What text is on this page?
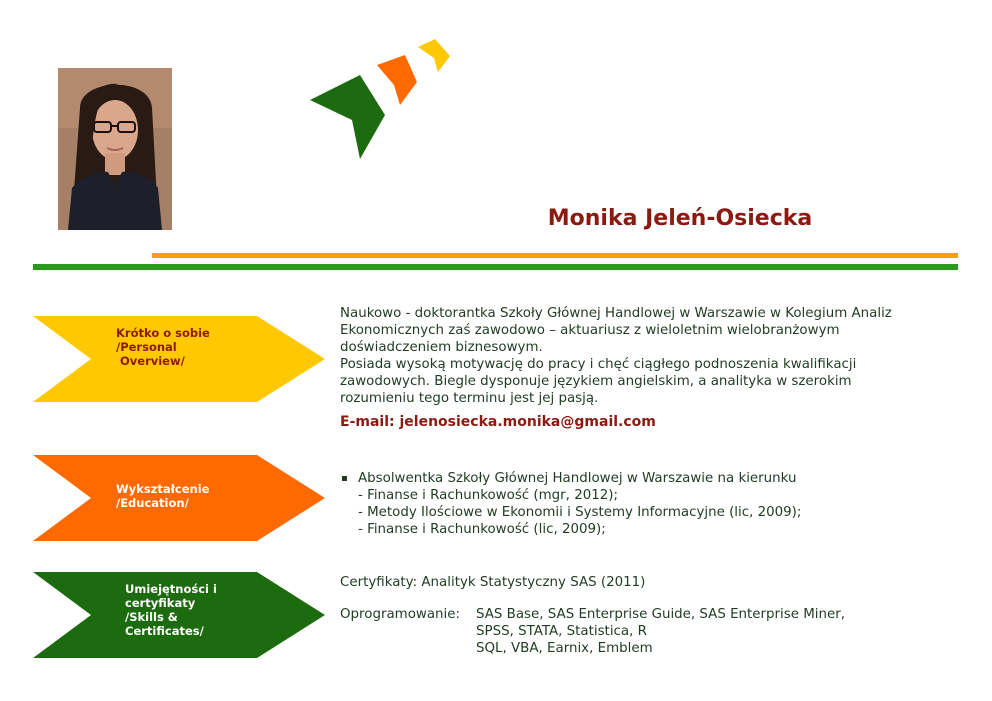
Monika Jeleń-Osiecka
Krótko o sobie
/Personal
Overview/
Wykształcenie
/Education/
Umiejętności i
certyfikaty
/Skills &
Certificates/
Naukowo - doktorantka Szkoły Głównej Handlowej w Warszawie w Kolegium Analiz
Ekonomicznych zaś zawodowo – aktuariusz z wieloletnim wielobranżowym
doświadczeniem biznesowym.
Posiada wysoką motywację do pracy i chęć ciągłego podnoszenia kwalifikacji
zawodowych. Biegle dysponuje językiem angielskim, a analityka w szerokim
rozumieniu tego terminu jest jej pasją.
E-mail: jelenosiecka.monika@gmail.com
Absolwentka Szkoły Głównej Handlowej w Warszawie na kierunku
- Finanse i Rachunkowość (mgr, 2012);
- Metody Ilościowe w Ekonomii i Systemy Informacyjne (lic, 2009);
- Finanse i Rachunkowość (lic, 2009);
Certyfikaty: Analityk Statystyczny SAS (2011)
Oprogramowanie:	SAS Base, SAS Enterprise Guide, SAS Enterprise Miner,
SPSS, STATA, Statistica, R
SQL, VBA, Earnix, Emblem
